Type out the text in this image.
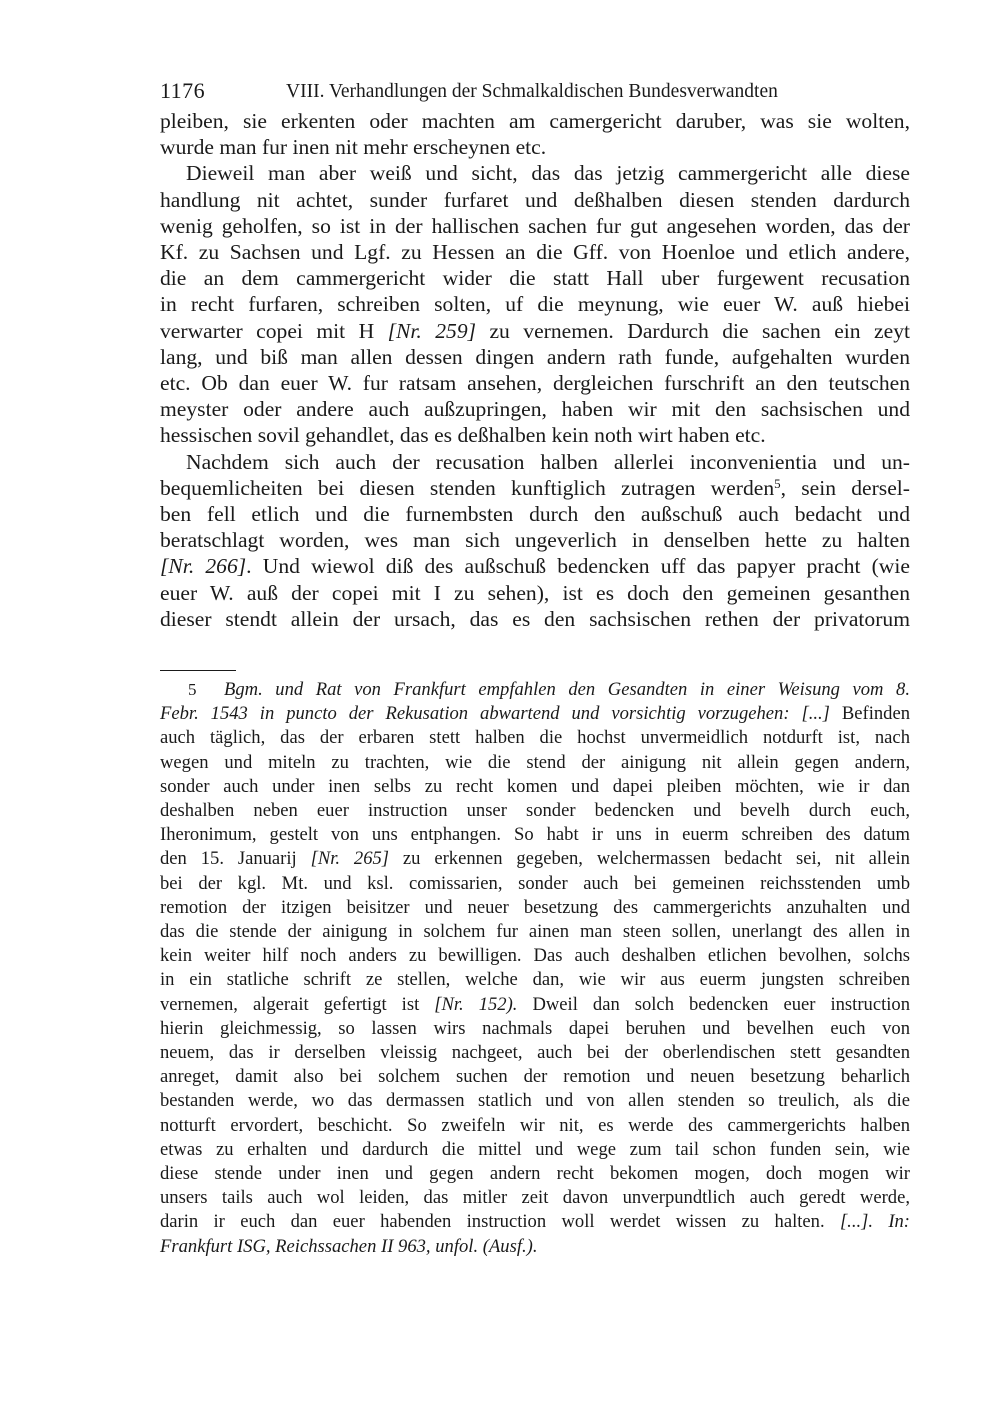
1176	VIII. Verhandlungen der Schmalkaldischen Bundesverwandten
pleiben, sie erkenten oder machten am camergericht daruber, was sie wolten,
wurde man fur inen nit mehr erscheynen etc.
Dieweil man aber weiß und sicht, das das jetzig cammergericht alle diese
handlung nit achtet, sunder furfaret und deßhalben diesen stenden dardurch
wenig geholfen, so ist in der hallischen sachen fur gut angesehen worden, das der
Kf. zu Sachsen und Lgf. zu Hessen an die Gff. von Hoenloe und etlich andere,
die an dem cammergericht wider die statt Hall uber furgewent recusation
in recht furfaren, schreiben solten, uf die meynung, wie euer W. auß hiebei
verwarter copei mit H [Nr. 259] zu vernemen. Dardurch die sachen ein zeyt
lang, und biß man allen dessen dingen andern rath funde, aufgehalten wurden
etc. Ob dan euer W. fur ratsam ansehen, dergleichen furschrift an den teutschen
meyster oder andere auch außzupringen, haben wir mit den sachsischen und
hessischen sovil gehandlet, das es deßhalben kein noth wirt haben etc.
Nachdem sich auch der recusation halben allerlei inconvenientia und un-
bequemlicheiten bei diesen stenden kunftiglich zutragen werden$^5$, sein dersel-
ben fell etlich und die furnembsten durch den außschuß auch bedacht und
beratschlagt worden, wes man sich ungeverlich in denselben hette zu halten
[Nr. 266]. Und wiewol diß des außschuß bedencken uff das papyer pracht (wie
euer W. auß der copei mit I zu sehen), ist es doch den gemeinen gesanthen
dieser stendt allein der ursach, das es den sachsischen rethen der privatorum
5 Bgm. und Rat von Frankfurt empfahlen den Gesandten in einer Weisung vom 8.
Febr. 1543 in puncto der Rekusation abwartend und vorsichtig vorzugehen: [...] Befinden
auch täglich, das der erbaren stett halben die hochst unvermeidlich notdurft ist, nach
wegen und miteln zu trachten, wie die stend der ainigung nit allein gegen andern,
sonder auch under inen selbs zu recht komen und dapei pleiben möchten, wie ir dan
deshalben neben euer instruction unser sonder bedencken und bevelh durch euch,
Iheronimum, gestelt von uns entphangen. So habt ir uns in euerm schreiben des datum
den 15. Januarij [Nr. 265] zu erkennen gegeben, welchermassen bedacht sei, nit allein
bei der kgl. Mt. und ksl. comissarien, sonder auch bei gemeinen reichsstenden umb
remotion der itzigen beisitzer und neuer besetzung des cammergerichts anzuhalten und
das die stende der ainigung in solchem fur ainen man steen sollen, unerlangt des allen in
kein weiter hilf noch anders zu bewilligen. Das auch deshalben etlichen bevolhen, solchs
in ein statliche schrift ze stellen, welche dan, wie wir aus euerm jungsten schreiben
vernemen, algerait gefertigt ist [Nr. 152). Dweil dan solch bedencken euer instruction
hierin gleichmessig, so lassen wirs nachmals dapei beruhen und bevelhen euch von
neuem, das ir derselben vleissig nachgeet, auch bei der oberlendischen stett gesandten
anreget, damit also bei solchem suchen der remotion und neuen besetzung beharlich
bestanden werde, wo das dermassen statlich und von allen stenden so treulich, als die
notturft ervordert, beschicht. So zweifeln wir nit, es werde des cammergerichts halben
etwas zu erhalten und dardurch die mittel und wege zum tail schon funden sein, wie
diese stende under inen und gegen andern recht bekomen mogen, doch mogen wir
unsers tails auch wol leiden, das mitler zeit davon unverpundtlich auch geredt werde,
darin ir euch dan euer habenden instruction woll werdet wissen zu halten. [...]. In:
Frankfurt ISG, Reichssachen II 963, unfol. (Ausf.).
